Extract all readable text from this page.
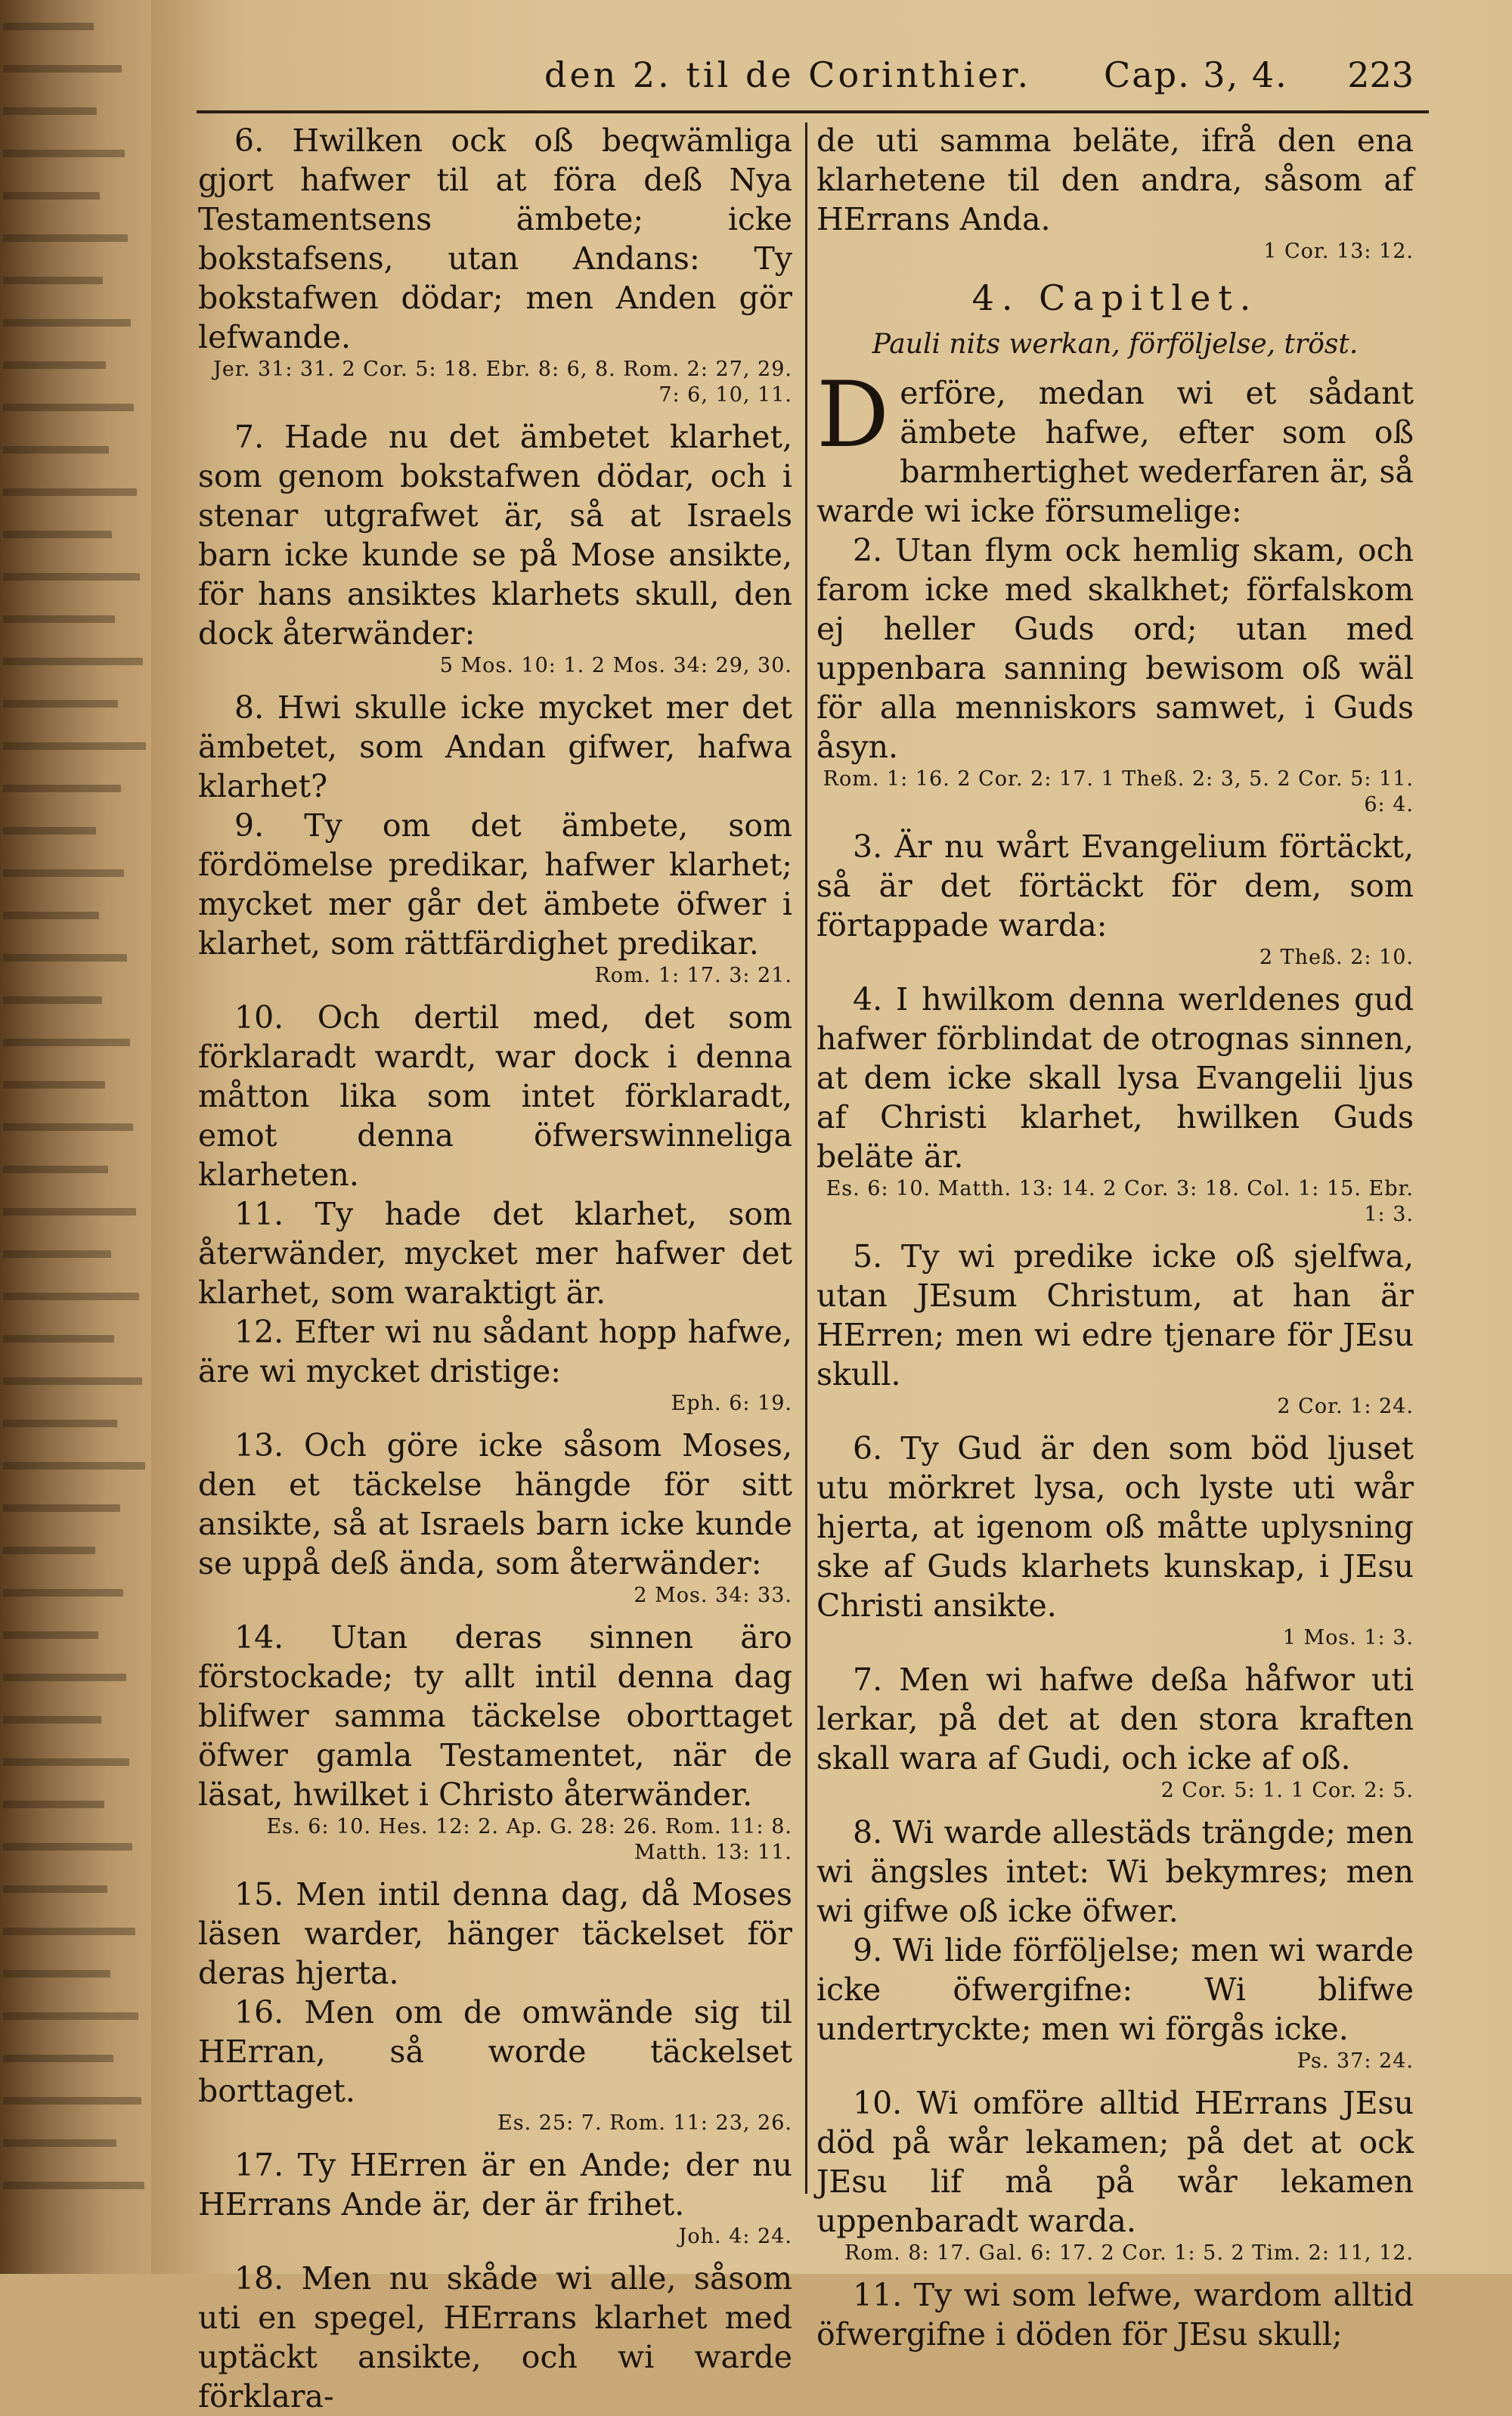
den 2. til de Corinthier. Cap. 3, 4. 223

6. Hwilken ock oß beqwämliga gjort hafwer til at föra deß Nya Testamentsens ämbete; icke bokstafsens, utan Andans: Ty bokstafwen dödar; men Anden gör lefwande.

Jer. 31: 31. 2 Cor. 5: 18. Ebr. 8: 6, 8. Rom. 2: 27, 29. 7: 6, 10, 11.

7. Hade nu det ämbetet klarhet, som genom bokstafwen dödar, och i stenar utgrafwet är, så at Israels barn icke kunde se på Mose ansikte, för hans ansiktes klarhets skull, den dock återwänder:

5 Mos. 10: 1. 2 Mos. 34: 29, 30.

8. Hwi skulle icke mycket mer det ämbetet, som Andan gifwer, hafwa klarhet?

9. Ty om det ämbete, som fördömelse predikar, hafwer klarhet; mycket mer går det ämbete öfwer i klarhet, som rättfärdighet predikar.

Rom. 1: 17. 3: 21.

10. Och dertil med, det som förklaradt wardt, war dock i denna måtton lika som intet förklaradt, emot denna öfwerswinneliga klarheten.

11. Ty hade det klarhet, som återwänder, mycket mer hafwer det klarhet, som waraktigt är.

12. Efter wi nu sådant hopp hafwe, äre wi mycket dristige:

Eph. 6: 19.

13. Och göre icke såsom Moses, den et täckelse hängde för sitt ansikte, så at Israels barn icke kunde se uppå deß ända, som återwänder:

2 Mos. 34: 33.

14. Utan deras sinnen äro förstockade; ty allt intil denna dag blifwer samma täckelse oborttaget öfwer gamla Testamentet, när de läsat, hwilket i Christo återwänder.

Es. 6: 10. Hes. 12: 2. Ap. G. 28: 26. Rom. 11: 8. Matth. 13: 11.

15. Men intil denna dag, då Moses läsen warder, hänger täckelset för deras hjerta.

16. Men om de omwände sig til HErran, så worde täckelset borttaget.

Es. 25: 7. Rom. 11: 23, 26.

17. Ty HErren är en Ande; der nu HErrans Ande är, der är frihet.

Joh. 4: 24.

18. Men nu skåde wi alle, såsom uti en spegel, HErrans klarhet med uptäckt ansikte, och wi warde förklara-

de uti samma beläte, ifrå den ena klarhetene til den andra, såsom af HErrans Anda.

1 Cor. 13: 12.

4. Capitlet.
Pauli nits werkan, förföljelse, tröst.

Derföre, medan wi et sådant ämbete hafwe, efter som oß barmhertighet wederfaren är, så warde wi icke försumelige:

2. Utan flym ock hemlig skam, och farom icke med skalkhet; förfalskom ej heller Guds ord; utan med uppenbara sanning bewisom oß wäl för alla menniskors samwet, i Guds åsyn.

Rom. 1: 16. 2 Cor. 2: 17. 1 Theß. 2: 3, 5. 2 Cor. 5: 11. 6: 4.

3. Är nu wårt Evangelium förtäckt, så är det förtäckt för dem, som förtappade warda:

2 Theß. 2: 10.

4. I hwilkom denna werldenes gud hafwer förblindat de otrognas sinnen, at dem icke skall lysa Evangelii ljus af Christi klarhet, hwilken Guds beläte är.

Es. 6: 10. Matth. 13: 14. 2 Cor. 3: 18. Col. 1: 15. Ebr. 1: 3.

5. Ty wi predike icke oß sjelfwa, utan JEsum Christum, at han är HErren; men wi edre tjenare för JEsu skull.

2 Cor. 1: 24.

6. Ty Gud är den som böd ljuset utu mörkret lysa, och lyste uti wår hjerta, at igenom oß måtte uplysning ske af Guds klarhets kunskap, i JEsu Christi ansikte.

1 Mos. 1: 3.

7. Men wi hafwe deßa håfwor uti lerkar, på det at den stora kraften skall wara af Gudi, och icke af oß.

2 Cor. 5: 1. 1 Cor. 2: 5.

8. Wi warde allestäds trängde; men wi ängsles intet: Wi bekymres; men wi gifwe oß icke öfwer.

9. Wi lide förföljelse; men wi warde icke öfwergifne: Wi blifwe undertryckte; men wi förgås icke.

Ps. 37: 24.

10. Wi omföre alltid HErrans JEsu död på wår lekamen; på det at ock JEsu lif må på wår lekamen uppenbaradt warda.

Rom. 8: 17. Gal. 6: 17. 2 Cor. 1: 5. 2 Tim. 2: 11, 12.

11. Ty wi som lefwe, wardom alltid öfwergifne i döden för JEsu skull;
